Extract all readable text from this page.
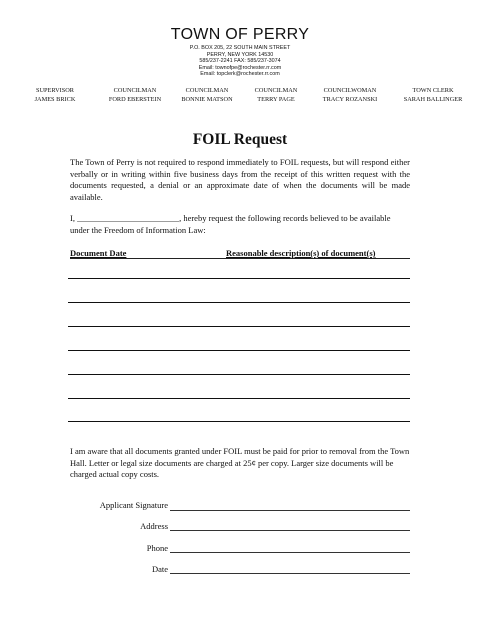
TOWN OF PERRY
P.O. BOX 205, 22 SOUTH MAIN STREET
PERRY, NEW YORK 14530
585/237-2241 FAX: 585/237-3074
Email: townofpe@rochester.rr.com
Email: topclerk@rochester.rr.com
SUPERVISOR
JAMES BRICK
COUNCILMAN
FORD EBERSTEIN
COUNCILMAN
BONNIE MATSON
COUNCILMAN
TERRY PAGE
COUNCILWOMAN
TRACY ROZANSKI
TOWN CLERK
SARAH BALLINGER
FOIL Request

The Town of Perry is not required to respond immediately to FOIL requests, but will respond either verbally or in writing within five business days from the receipt of this written request with the documents requested, a denial or an approximate date of when the documents will be made available.

I, ________________________, hereby request the following records believed to be available under the Freedom of Information Law:

Document Date	Reasonable description(s) of document(s)

I am aware that all documents granted under FOIL must be paid for prior to removal from the Town Hall. Letter or legal size documents are charged at 25¢ per copy. Larger size documents will be charged actual copy costs.

Applicant Signature
Address
Phone
Date
